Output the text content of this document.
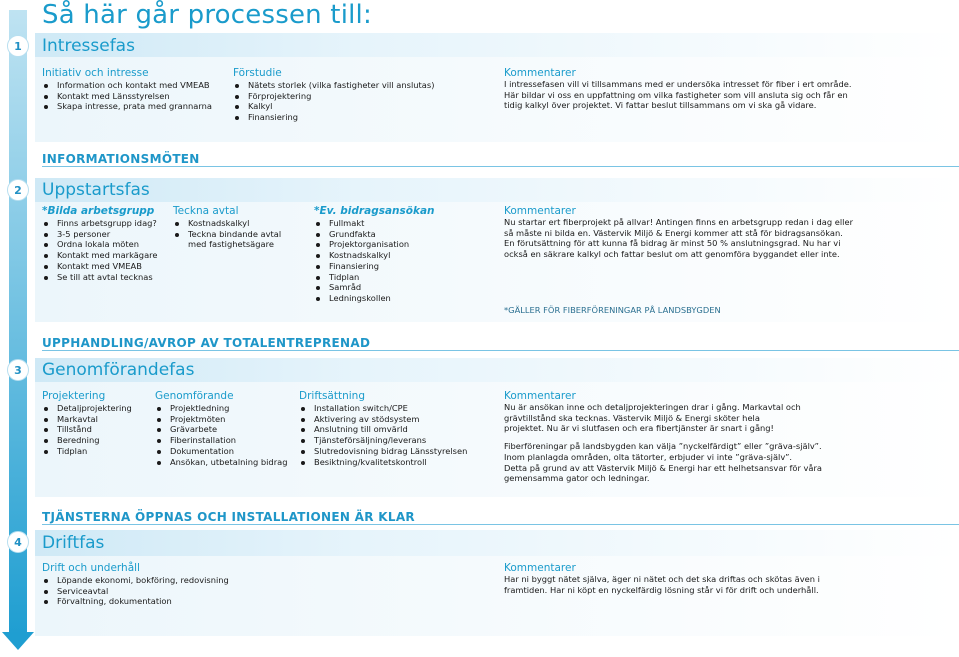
Så här går processen till:
1	Intressefas
Initiativ och intresse
Information och kontakt med VMEAB
Kontakt med Länsstyrelsen
Skapa intresse, prata med grannarna
Förstudie
Nätets storlek (vilka fastigheter vill anslutas)
Förprojektering
Kalkyl
Finansiering
Kommentarer
I intressefasen vill vi tillsammans med er undersöka intresset för fiber i ert område.
Här bildar vi oss en uppfattning om vilka fastigheter som vill ansluta sig och får en
tidig kalkyl över projektet. Vi fattar beslut tillsammans om vi ska gå vidare.
INFORMATIONSMÖTEN
2	Uppstartsfas
*Bilda arbetsgrupp
Finns arbetsgrupp idag?
3-5 personer
Ordna lokala möten
Kontakt med markägare
Kontakt med VMEAB
Se till att avtal tecknas
Teckna avtal
Kostnadskalkyl
Teckna bindande avtal
med fastighetsägare
*Ev. bidragsansökan
Fullmakt
Grundfakta
Projektorganisation
Kostnadskalkyl
Finansiering
Tidplan
Samråd
Ledningskollen
Kommentarer
Nu startar ert fiberprojekt på allvar! Antingen finns en arbetsgrupp redan i dag eller
så måste ni bilda en. Västervik Miljö & Energi kommer att stå för bidragsansökan.
En förutsättning för att kunna få bidrag är minst 50 % anslutningsgrad. Nu har vi
också en säkrare kalkyl och fattar beslut om att genomföra byggandet eller inte.
*GÄLLER FÖR FIBERFÖRENINGAR PÅ LANDSBYGDEN
UPPHANDLING/AVROP AV TOTALENTREPRENAD
3	Genomförandefas
Projektering
Detaljprojektering
Markavtal
Tillstånd
Beredning
Tidplan
Genomförande
Projektledning
Projektmöten
Grävarbete
Fiberinstallation
Dokumentation
Ansökan, utbetalning bidrag
Driftsättning
Installation switch/CPE
Aktivering av stödsystem
Anslutning till omvärld
Tjänsteförsäljning/leverans
Slutredovisning bidrag Länsstyrelsen
Besiktning/kvalitetskontroll
Kommentarer
Nu är ansökan inne och detaljprojekteringen drar i gång. Markavtal och
grävtillstånd ska tecknas. Västervik Miljö & Energi sköter hela
projektet. Nu är vi slutfasen och era fibertjänster är snart i gång!
Fiberföreningar på landsbygden kan välja ”nyckelfärdigt” eller ”gräva-själv”.
Inom planlagda områden, olta tätorter, erbjuder vi inte ”gräva-själv”.
Detta på grund av att Västervik Miljö & Energi har ett helhetsansvar för våra
gemensamma gator och ledningar.
TJÄNSTERNA ÖPPNAS OCH INSTALLATIONEN ÄR KLAR
4	Driftfas
Drift och underhåll
Löpande ekonomi, bokföring, redovisning
Serviceavtal
Förvaltning, dokumentation
Kommentarer
Har ni byggt nätet själva, äger ni nätet och det ska driftas och skötas även i
framtiden. Har ni köpt en nyckelfärdig lösning står vi för drift och underhåll.
